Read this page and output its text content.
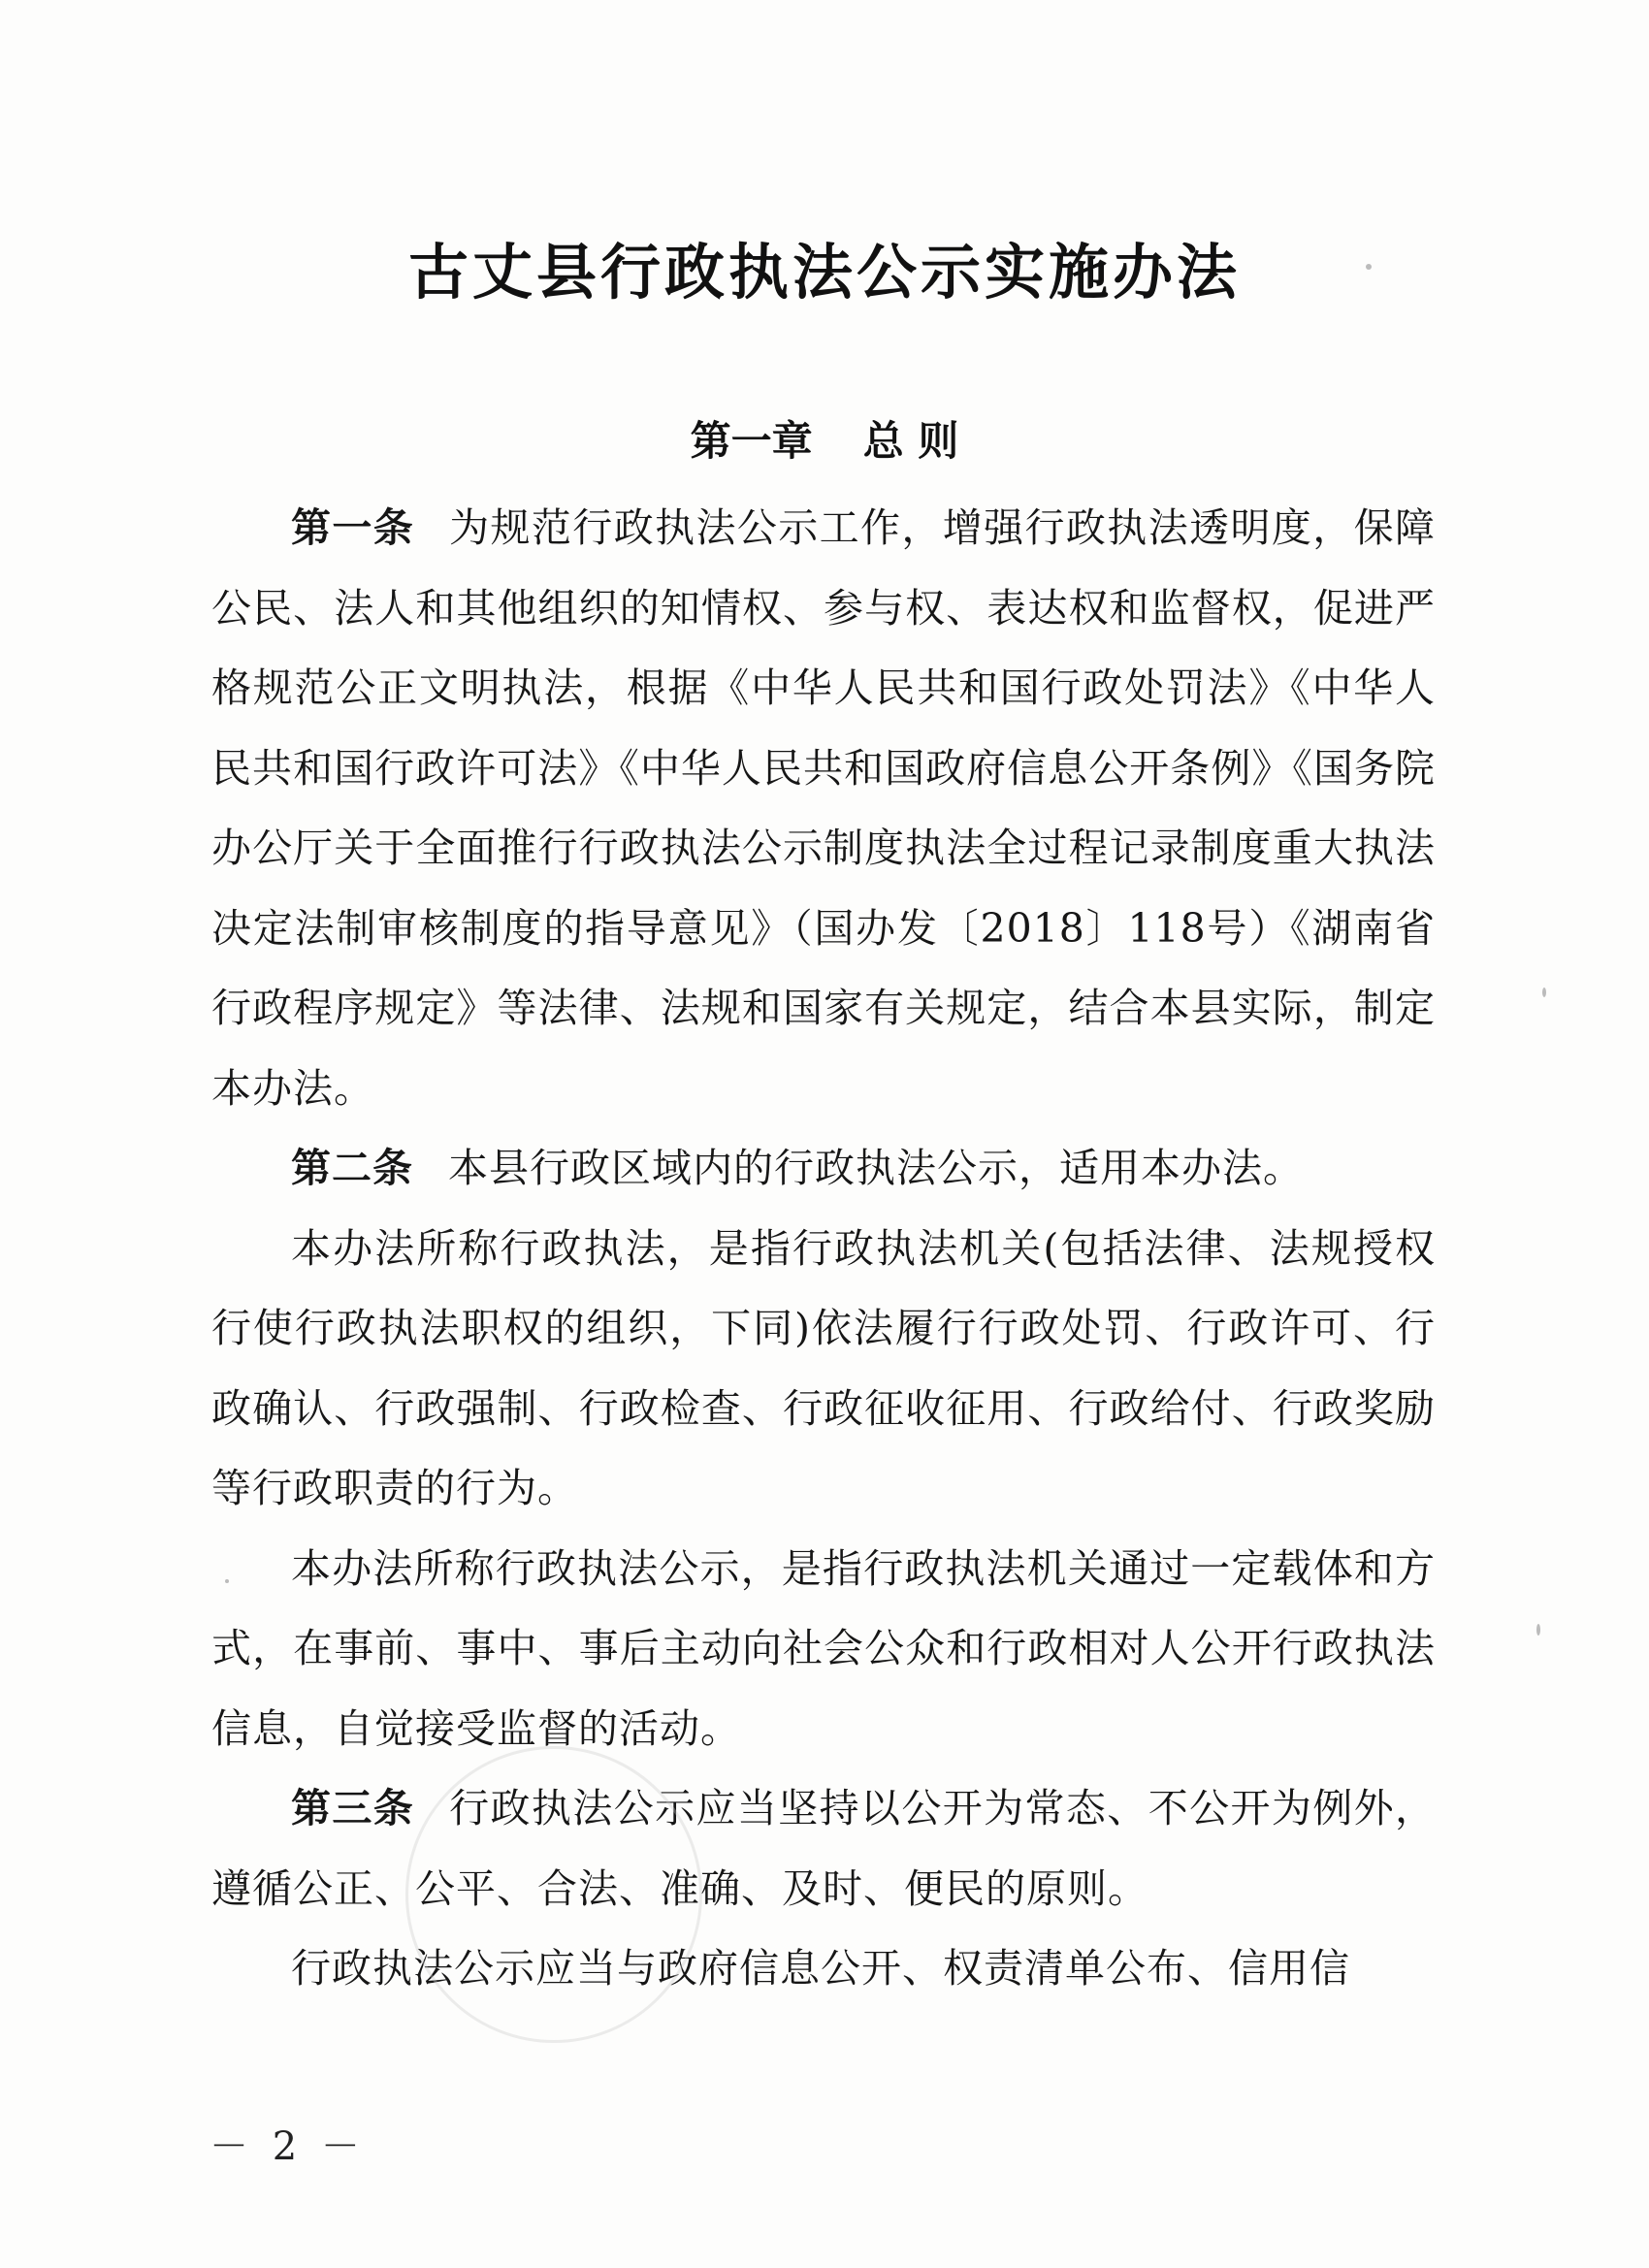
古丈县行政执法公示实施办法
第一章 总 则

第一条 为规范行政执法公示工作，增强行政执法透明度，保障公民、法人和其他组织的知情权、参与权、表达权和监督权，促进严格规范公正文明执法，根据《中华人民共和国行政处罚法》《中华人民共和国行政许可法》《中华人民共和国政府信息公开条例》《国务院办公厅关于全面推行行政执法公示制度执法全过程记录制度重大执法决定法制审核制度的指导意见》（国办发〔2018〕118号）《湖南省行政程序规定》等法律、法规和国家有关规定，结合本县实际，制定本办法。

第二条 本县行政区域内的行政执法公示，适用本办法。

本办法所称行政执法，是指行政执法机关(包括法律、法规授权行使行政执法职权的组织，下同)依法履行行政处罚、行政许可、行政确认、行政强制、行政检查、行政征收征用、行政给付、行政奖励等行政职责的行为。

本办法所称行政执法公示，是指行政执法机关通过一定载体和方式，在事前、事中、事后主动向社会公众和行政相对人公开行政执法信息，自觉接受监督的活动。

第三条 行政执法公示应当坚持以公开为常态、不公开为例外，遵循公正、公平、合法、准确、及时、便民的原则。

行政执法公示应当与政府信息公开、权责清单公布、信用信

－ 2 －
